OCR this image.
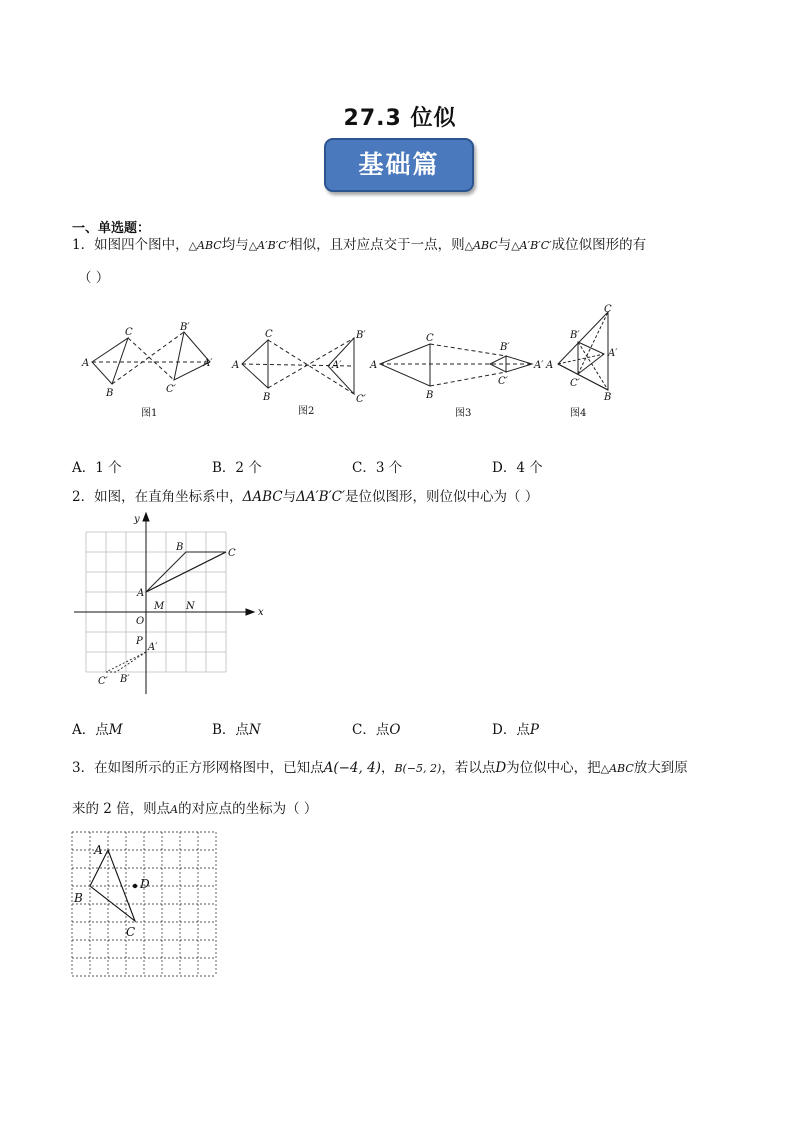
27.3 位似
基础篇
一、单选题：
1．如图四个图中，△ABC均与△A′B′C′相似，且对应点交于一点，则△ABC与△A′B′C′成位似图形的有
（ ）
A
C
B
B′
A′
C′
A
C
B
B′
A′
C′
A
C
B
B′
A′
C′
A
C
B
B′
A′
C′
图1	图2	图3	图4
A．1 个	B．2 个	C．3 个	D．4 个
2．如图，在直角坐标系中，ΔABC与ΔA′B′C′是位似图形，则位似中心为（ ）
x
y
B
C
A
M N
O
P
A′
C′ B′
A．点M	B．点N	C．点O	D．点P
3．在如图所示的正方形网格图中，已知点A(−4, 4)，B(−5, 2)，若以点D为位似中心，把△ABC放大到原
来的 2 倍，则点A的对应点的坐标为（ ）
A
B
C
D
